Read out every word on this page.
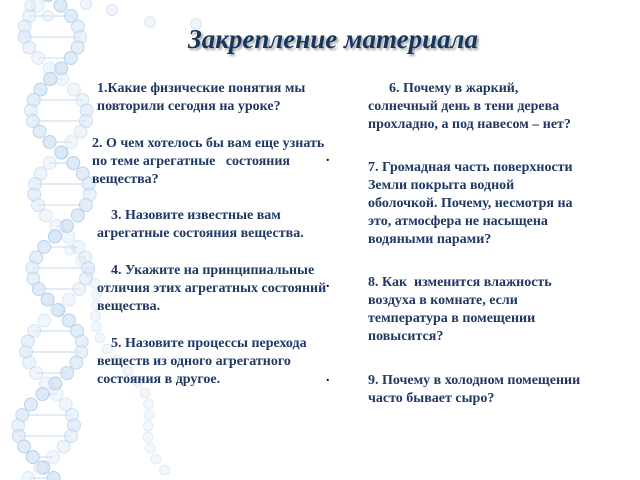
Закрепление материала
1.Какие физические понятия мы
повторили сегодня на уроке?
2. О чем хотелось бы вам еще узнать
по теме агрегатные   состояния
вещества?
3. Назовите известные вам
агрегатные состояния вещества.
4. Укажите на принципиальные
отличия этих агрегатных состояний
вещества.
5. Назовите процессы перехода
веществ из одного агрегатного
состояния в другое.
6. Почему в жаркий,
солнечный день в тени дерева
прохладно, а под навесом – нет?
7. Громадная часть поверхности
Земли покрыта водной
оболочкой. Почему, несмотря на
это, атмосфера не насыщена
водяными парами?
8. Как  изменится влажность
воздуха в комнате, если
температура в помещении
повысится?
9. Почему в холодном помещении
часто бывает сыро?
.
.
.
